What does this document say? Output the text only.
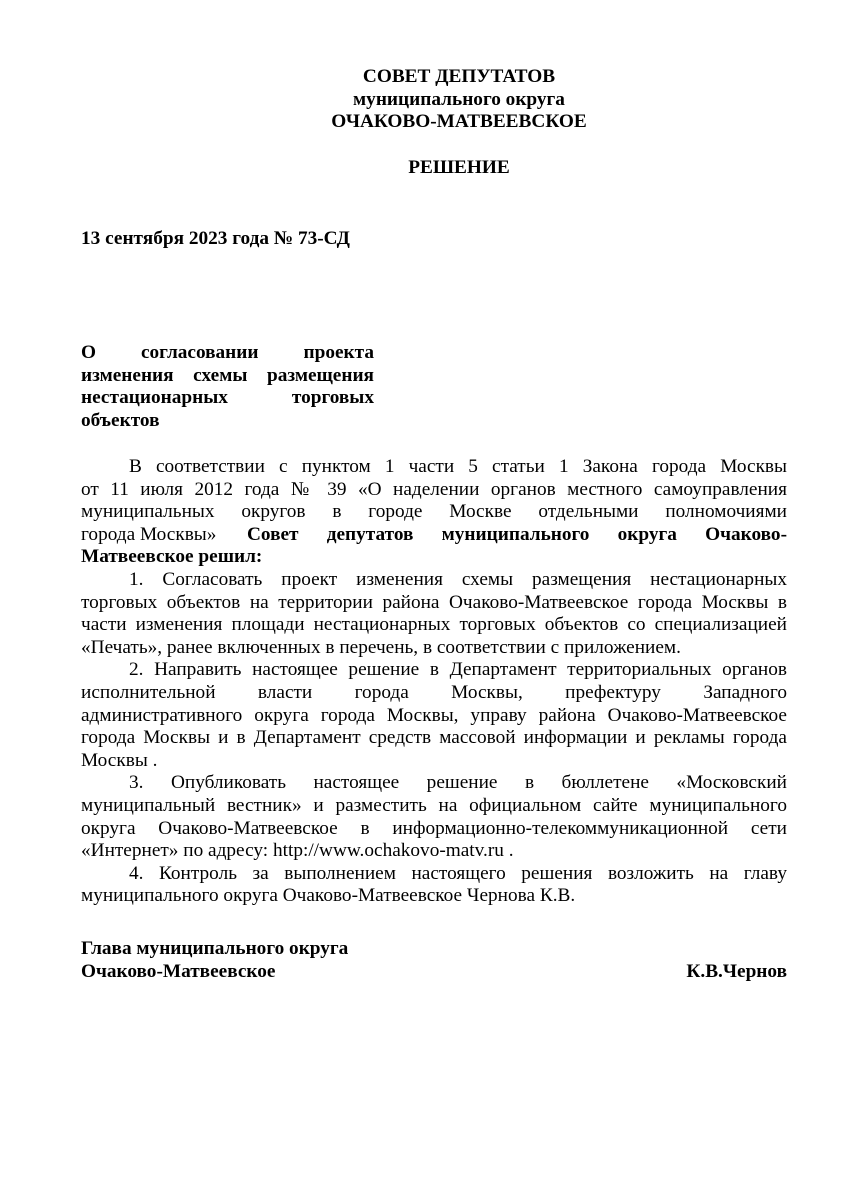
СОВЕТ ДЕПУТАТОВ
муниципального округа
ОЧАКОВО-МАТВЕЕВСКОЕ
РЕШЕНИЕ
13 сентября 2023 года № 73-СД
О согласовании проекта
изменения схемы размещения
нестационарных торговых
объектов
В соответствии с пунктом 1 части 5 статьи 1 Закона города Москвы
от 11 июля 2012 года № 39 «О наделении органов местного самоуправления
муниципальных округов в городе Москве отдельными полномочиями
города Москвы» Совет депутатов муниципального округа Очаково-
Матвеевское решил:
1. Согласовать проект изменения схемы размещения нестационарных
торговых объектов на территории района Очаково-Матвеевское города Москвы в
части изменения площади нестационарных торговых объектов со специализацией
«Печать», ранее включенных в перечень, в соответствии с приложением.
2. Направить настоящее решение в Департамент территориальных органов
исполнительной власти города Москвы, префектуру Западного
административного округа города Москвы, управу района Очаково-Матвеевское
города Москвы и в Департамент средств массовой информации и рекламы города
Москвы .
3. Опубликовать настоящее решение в бюллетене «Московский
муниципальный вестник» и разместить на официальном сайте муниципального
округа Очаково-Матвеевское в информационно-телекоммуникационной сети
«Интернет» по адресу: http://www.ochakovo-matv.ru .
4. Контроль за выполнением настоящего решения возложить на главу
муниципального округа Очаково-Матвеевское Чернова К.В.
Глава муниципального округа
Очаково-Матвеевское	К.В.Чернов
